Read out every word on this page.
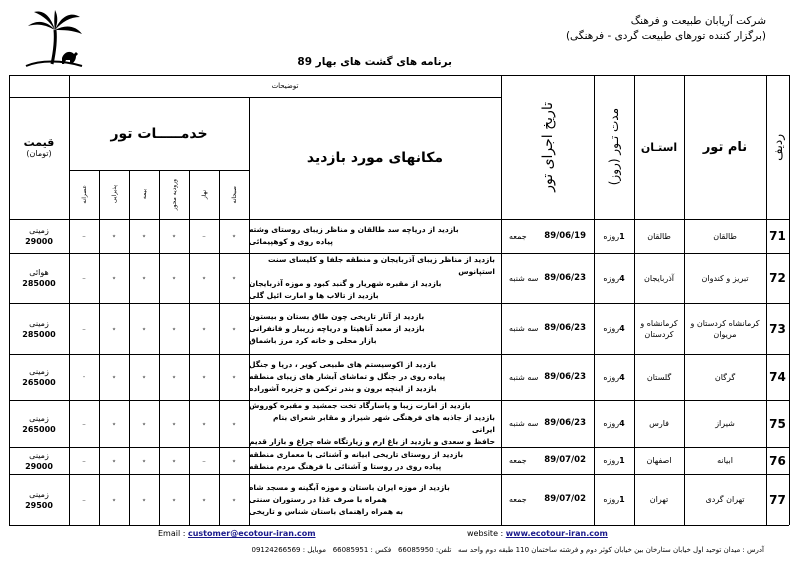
شرکت آریابان طبیعت و فرهنگ
(برگزار کننده تورهای طبیعت گردی - فرهنگی)
برنامه های گشت های بهار 89
ردیف
نام تور
استـان
مدت تـور (روز)
تاریخ اجرای تور
توضیحات
مکانهای مورد بازدید
خدمـــــات تور
صبحانه
نهار
ورودیه محور
بیمه
پذیرایی
عصرانه
قیمت
(تومان)
71
طالقان
طالقان
1
روزه
89/06/19
جمعه
بازدید از دریاچه سد طالقان و مناظر زیبای روستای وشته
پیاده روی و کوهپیمائی
٭
–
٭
٭
٭
–
زمینی
29000
72
تبریز و کندوان
آذربایجان
4
روزه
89/06/23
سه شنبه
بازدید از مناظر زیبای آذربایجان و منطقه جلفا و کلیسای سنت استپانوس
بازدید از مقبره شهریار و گنبد کبود و موزه آذربایجان
بازدید از تالاب ها و امارت ائیل گلی
٭
٭
٭
٭
٭
–
هوائی
285000
73
کرمانشاه کردستان و مریوان
کرمانشاه و کردستان
4
روزه
89/06/23
سه شنبه
بازدید از آثار تاریخی چون طاق بستان و بیستون
بازدید از معبد آناهیتا و دریاچه زریبار و فانفرانی
بازار محلی و خانه کرد مرز باشماق
٭
٭
٭
٭
٭
–
زمینی
285000
74
گرگان
گلستان
4
روزه
89/06/23
سه شنبه
بازدید از اکوسیستم های طبیعی کویر ، دریا و جنگل
پیاده روی در جنگل و تماشای آبشار های زیبای منطقه
بازدید از اینچه برون و بندر ترکمن و جزیره آشوراده
٭
٭
٭
٭
٭
-
زمینی
265000
75
شیراز
فارس
4
روزه
89/06/23
سه شنبه
بازدید از امارت زیبا و پاسارگاد تخت جمشید و مقبره کوروش
بازدید از جاذبه های فرهنگی شهر شیراز و مقابر شعرای بنام ایرانی
حافظ و سعدی و بازدید از باغ ارم و زیارتگاه شاه چراغ و بازار قدیم
٭
٭
٭
٭
٭
–
زمینی
265000
76
ابیانه
اصفهان
1
روزه
89/07/02
جمعه
بازدید از روستای تاریخی ابیانه و آشنائی با معماری منطقه
پیاده روی در روستا و آشنائی با فرهنگ مردم منطقه
٭
–
٭
٭
٭
–
زمینی
29000
77
تهران گردی
تهران
1
روزه
89/07/02
جمعه
بازدید از موزه ایران باستان و موزه آبگینه و مسجد شاه
همراه با صرف غذا در رستوران سنتی
به همراه راهنمای باستان شناس و تاریخی
٭
٭
٭
٭
٭
–
زمینی
29500
Email : customer@ecotour-iran.com	website : www.ecotour-iran.com
آدرس : میدان توحید اول خیابان ستارخان بین خیابان کوثر دوم و فرشته ساختمان 110 طبقه دوم واحد سه   تلفن: 66085950   فکس : 66085951   موبایل : 09124266569
